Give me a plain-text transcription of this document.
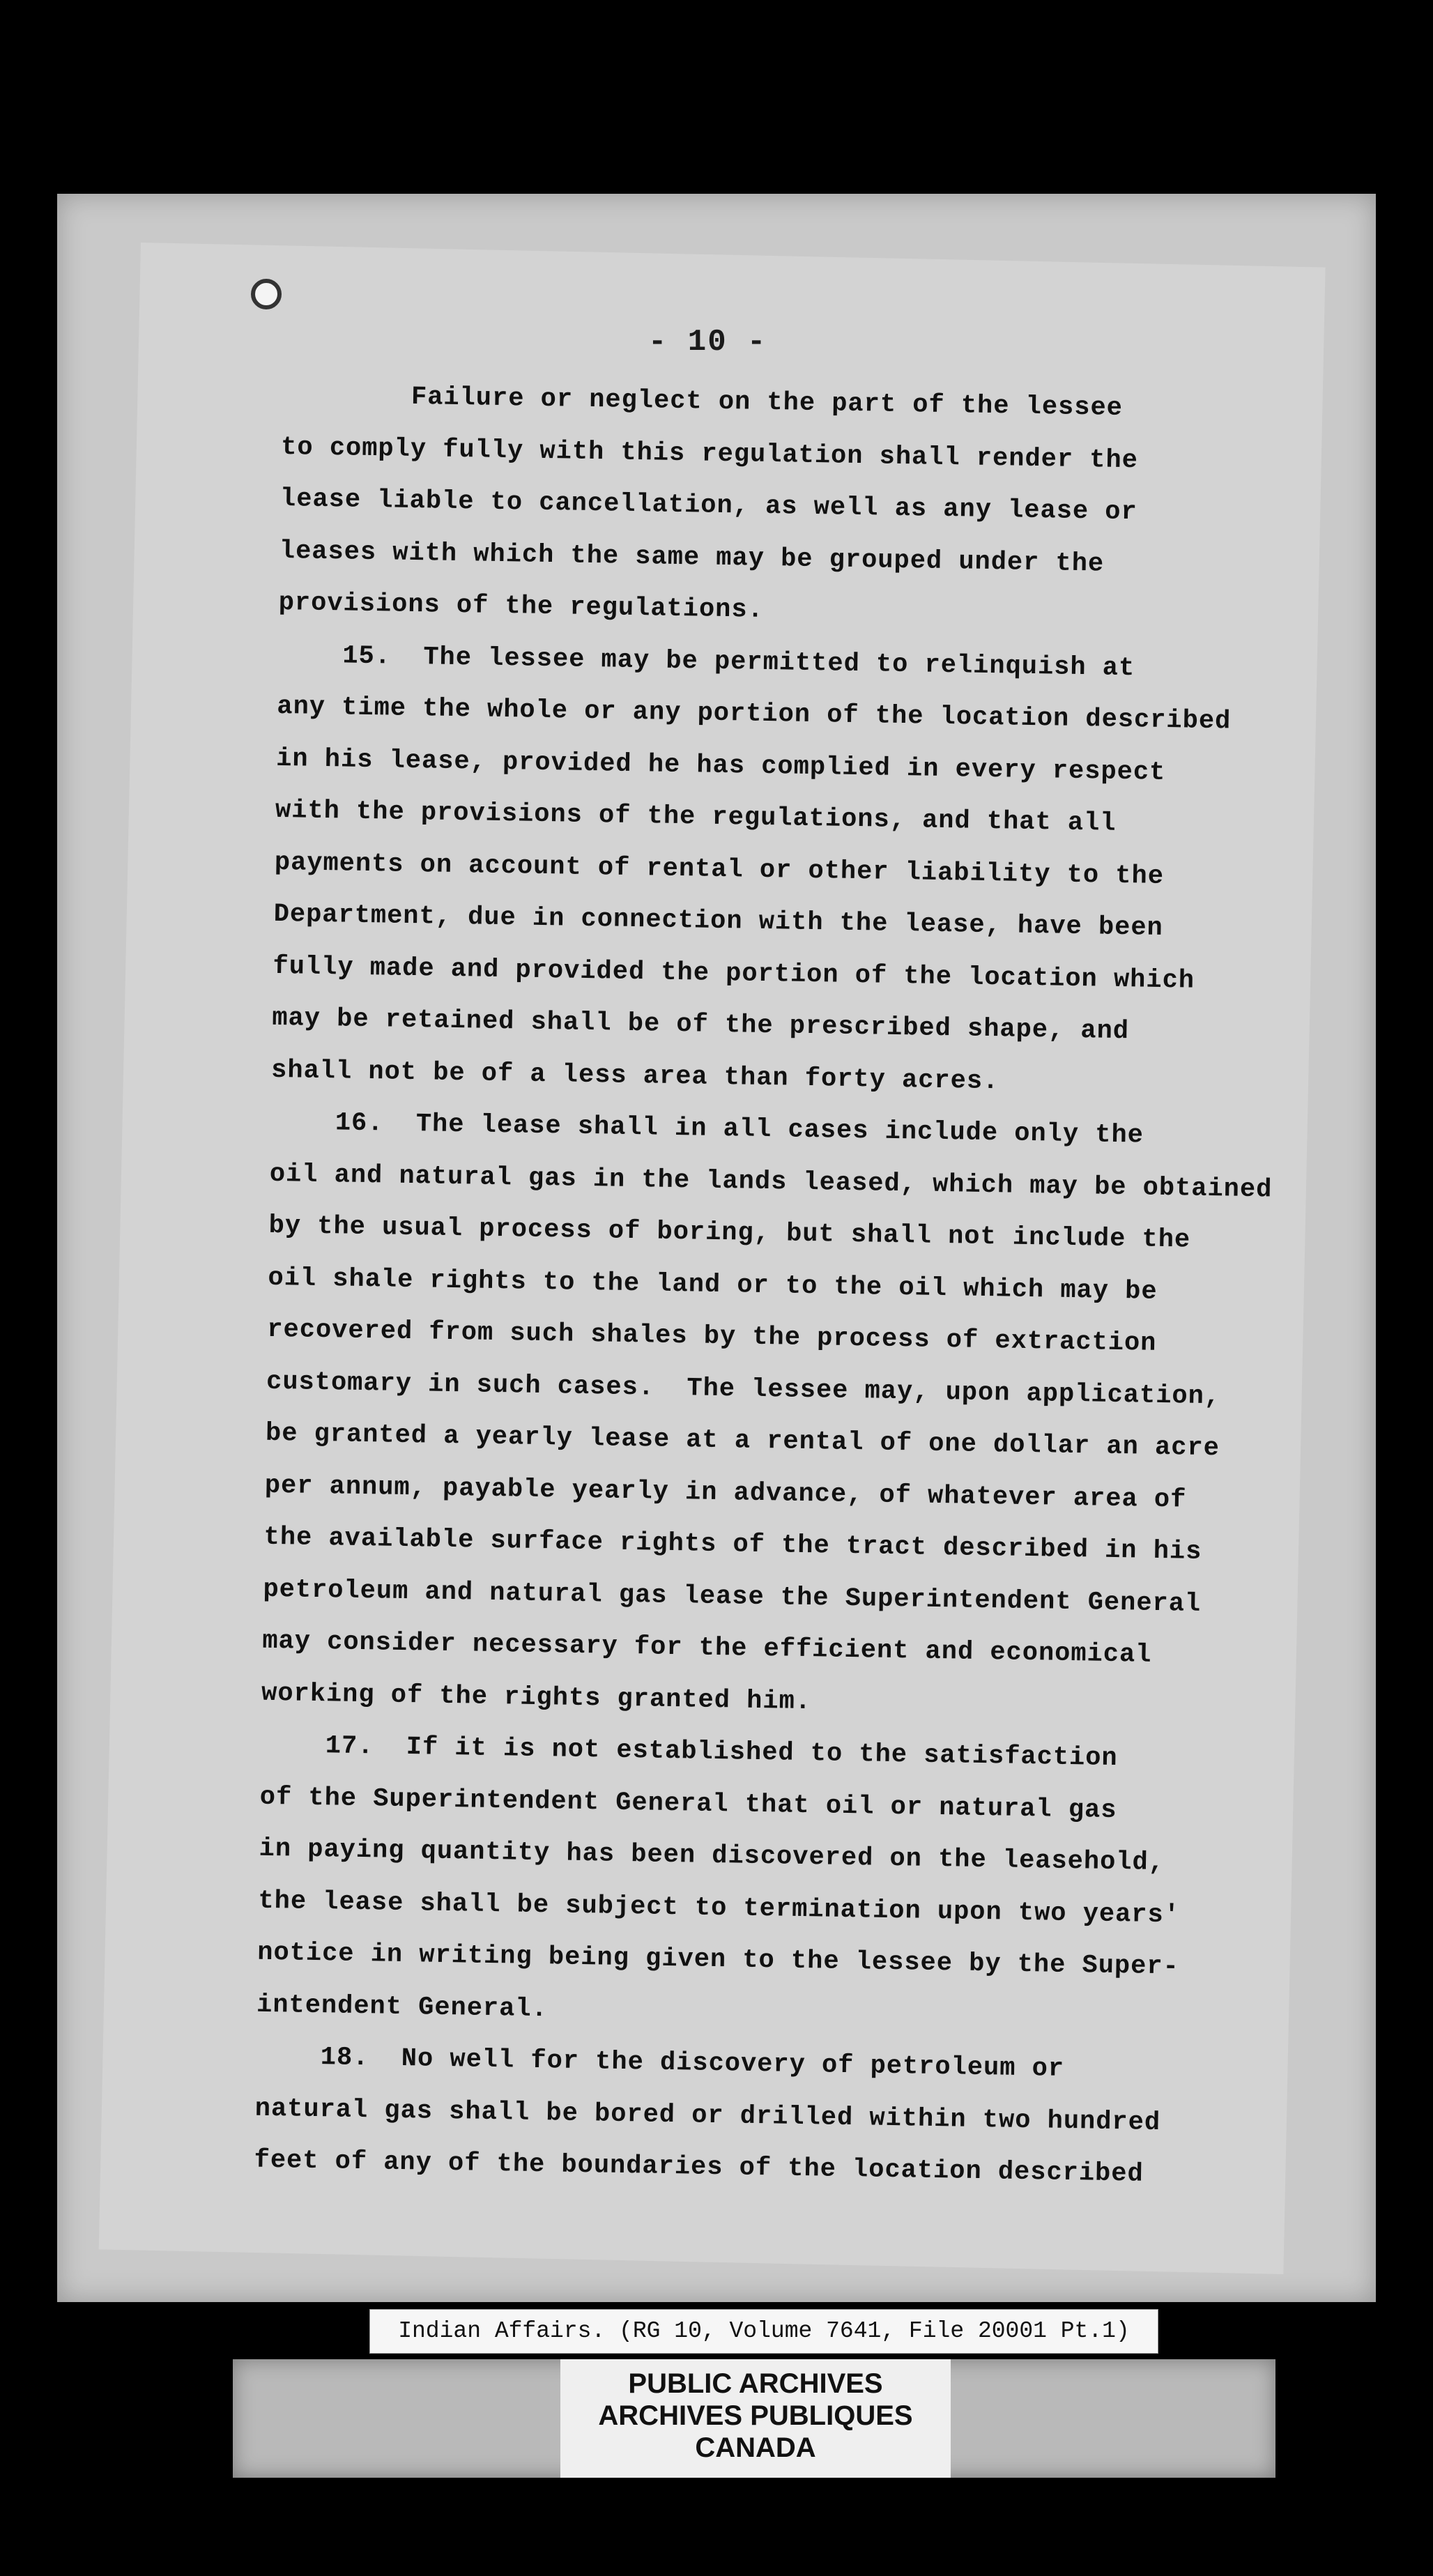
- 10 -
Failure or neglect on the part of the lessee
to comply fully with this regulation shall render the
lease liable to cancellation, as well as any lease or
leases with which the same may be grouped under the
provisions of the regulations.
15.  The lessee may be permitted to relinquish at
any time the whole or any portion of the location described
in his lease, provided he has complied in every respect
with the provisions of the regulations, and that all
payments on account of rental or other liability to the
Department, due in connection with the lease, have been
fully made and provided the portion of the location which
may be retained shall be of the prescribed shape, and
shall not be of a less area than forty acres.
16.  The lease shall in all cases include only the
oil and natural gas in the lands leased, which may be obtained
by the usual process of boring, but shall not include the
oil shale rights to the land or to the oil which may be
recovered from such shales by the process of extraction
customary in such cases.  The lessee may, upon application,
be granted a yearly lease at a rental of one dollar an acre
per annum, payable yearly in advance, of whatever area of
the available surface rights of the tract described in his
petroleum and natural gas lease the Superintendent General
may consider necessary for the efficient and economical
working of the rights granted him.
17.  If it is not established to the satisfaction
of the Superintendent General that oil or natural gas
in paying quantity has been discovered on the leasehold,
the lease shall be subject to termination upon two years'
notice in writing being given to the lessee by the Super-
intendent General.
18.  No well for the discovery of petroleum or
natural gas shall be bored or drilled within two hundred
feet of any of the boundaries of the location described
Indian Affairs. (RG 10, Volume 7641, File 20001 Pt.1)
PUBLIC ARCHIVES
ARCHIVES PUBLIQUES
CANADA
